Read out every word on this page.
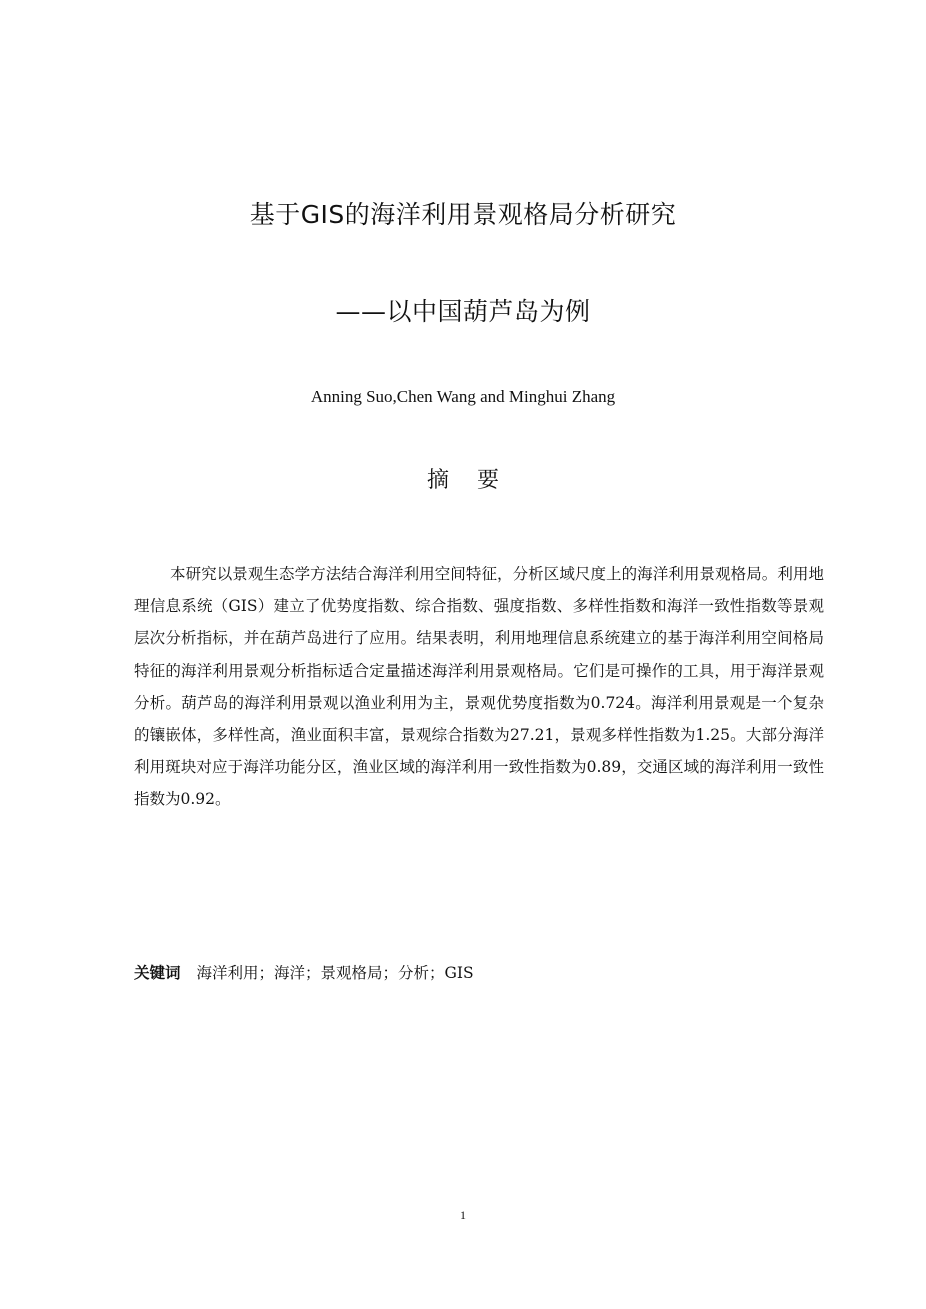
基于GIS的海洋利用景观格局分析研究
——以中国葫芦岛为例
Anning Suo,Chen Wang and Minghui Zhang
摘要

本研究以景观生态学方法结合海洋利用空间特征，分析区域尺度上的海洋利用景观格局。利用地理信息系统（GIS）建立了优势度指数、综合指数、强度指数、多样性指数和海洋一致性指数等景观层次分析指标，并在葫芦岛进行了应用。结果表明，利用地理信息系统建立的基于海洋利用空间格局特征的海洋利用景观分析指标适合定量描述海洋利用景观格局。它们是可操作的工具，用于海洋景观分析。葫芦岛的海洋利用景观以渔业利用为主，景观优势度指数为0.724。海洋利用景观是一个复杂的镶嵌体，多样性高，渔业面积丰富，景观综合指数为27.21，景观多样性指数为1.25。大部分海洋利用斑块对应于海洋功能分区，渔业区域的海洋利用一致性指数为0.89，交通区域的海洋利用一致性指数为0.92。

关键词 海洋利用；海洋；景观格局；分析；GIS
1
